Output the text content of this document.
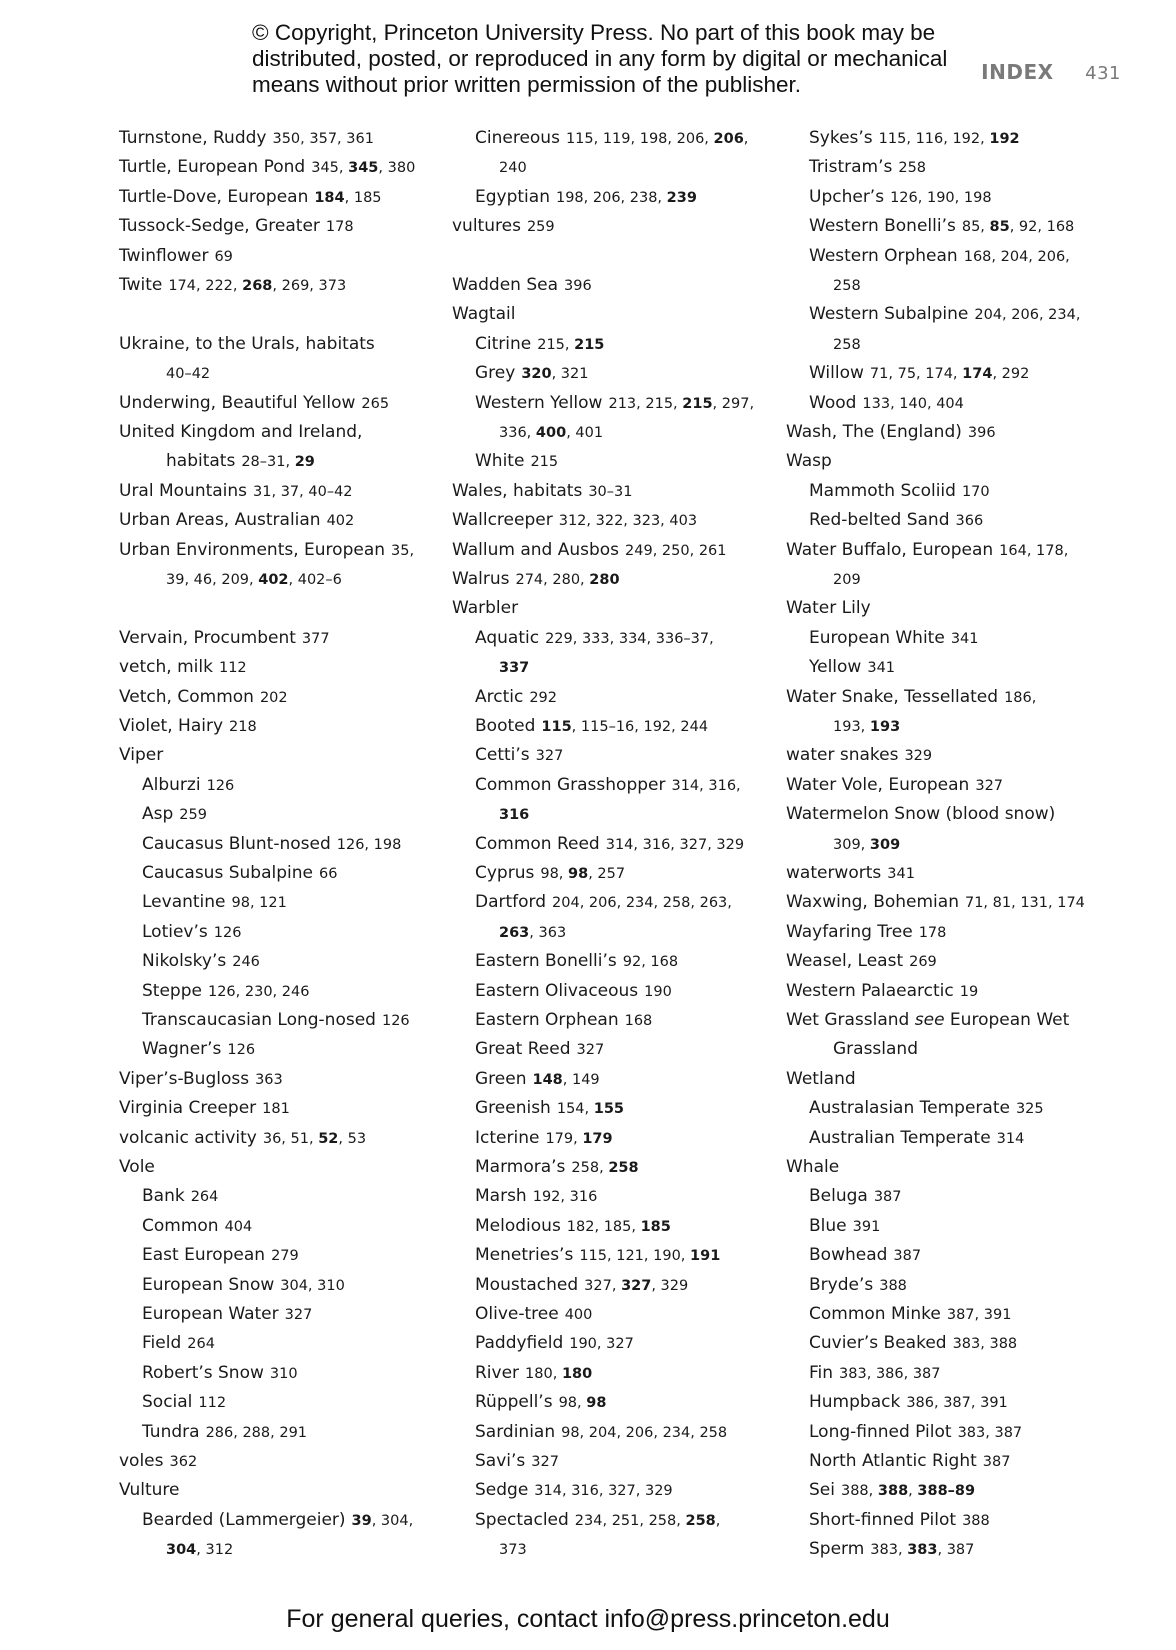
© Copyright, Princeton University Press. No part of this book may be
distributed, posted, or reproduced in any form by digital or mechanical
means without prior written permission of the publisher.	INDEX 431
Turnstone, Ruddy 350, 357, 361
Turtle, European Pond 345, 345, 380
Turtle-Dove, European 184, 185
Tussock-Sedge, Greater 178
Twinflower 69
Twite 174, 222, 268, 269, 373
Ukraine, to the Urals, habitats
40–42
Underwing, Beautiful Yellow 265
United Kingdom and Ireland,
habitats 28–31, 29
Ural Mountains 31, 37, 40–42
Urban Areas, Australian 402
Urban Environments, European 35,
39, 46, 209, 402, 402–6
Vervain, Procumbent 377
vetch, milk 112
Vetch, Common 202
Violet, Hairy 218
Viper
Alburzi 126
Asp 259
Caucasus Blunt-nosed 126, 198
Caucasus Subalpine 66
Levantine 98, 121
Lotiev’s 126
Nikolsky’s 246
Steppe 126, 230, 246
Transcaucasian Long-nosed 126
Wagner’s 126
Viper’s-Bugloss 363
Virginia Creeper 181
volcanic activity 36, 51, 52, 53
Vole
Bank 264
Common 404
East European 279
European Snow 304, 310
European Water 327
Field 264
Robert’s Snow 310
Social 112
Tundra 286, 288, 291
voles 362
Vulture
Bearded (Lammergeier) 39, 304,
304, 312
Cinereous 115, 119, 198, 206, 206,
240
Egyptian 198, 206, 238, 239
vultures 259
Wadden Sea 396
Wagtail
Citrine 215, 215
Grey 320, 321
Western Yellow 213, 215, 215, 297,
336, 400, 401
White 215
Wales, habitats 30–31
Wallcreeper 312, 322, 323, 403
Wallum and Ausbos 249, 250, 261
Walrus 274, 280, 280
Warbler
Aquatic 229, 333, 334, 336–37,
337
Arctic 292
Booted 115, 115–16, 192, 244
Cetti’s 327
Common Grasshopper 314, 316,
316
Common Reed 314, 316, 327, 329
Cyprus 98, 98, 257
Dartford 204, 206, 234, 258, 263,
263, 363
Eastern Bonelli’s 92, 168
Eastern Olivaceous 190
Eastern Orphean 168
Great Reed 327
Green 148, 149
Greenish 154, 155
Icterine 179, 179
Marmora’s 258, 258
Marsh 192, 316
Melodious 182, 185, 185
Menetries’s 115, 121, 190, 191
Moustached 327, 327, 329
Olive-tree 400
Paddyfield 190, 327
River 180, 180
Rüppell’s 98, 98
Sardinian 98, 204, 206, 234, 258
Savi’s 327
Sedge 314, 316, 327, 329
Spectacled 234, 251, 258, 258,
373
Sykes’s 115, 116, 192, 192
Tristram’s 258
Upcher’s 126, 190, 198
Western Bonelli’s 85, 85, 92, 168
Western Orphean 168, 204, 206,
258
Western Subalpine 204, 206, 234,
258
Willow 71, 75, 174, 174, 292
Wood 133, 140, 404
Wash, The (England) 396
Wasp
Mammoth Scoliid 170
Red-belted Sand 366
Water Buffalo, European 164, 178,
209
Water Lily
European White 341
Yellow 341
Water Snake, Tessellated 186,
193, 193
water snakes 329
Water Vole, European 327
Watermelon Snow (blood snow)
309, 309
waterworts 341
Waxwing, Bohemian 71, 81, 131, 174
Wayfaring Tree 178
Weasel, Least 269
Western Palaearctic 19
Wet Grassland see European Wet
Grassland
Wetland
Australasian Temperate 325
Australian Temperate 314
Whale
Beluga 387
Blue 391
Bowhead 387
Bryde’s 388
Common Minke 387, 391
Cuvier’s Beaked 383, 388
Fin 383, 386, 387
Humpback 386, 387, 391
Long-finned Pilot 383, 387
North Atlantic Right 387
Sei 388, 388, 388–89
Short-finned Pilot 388
Sperm 383, 383, 387
For general queries, contact info@press.princeton.edu
